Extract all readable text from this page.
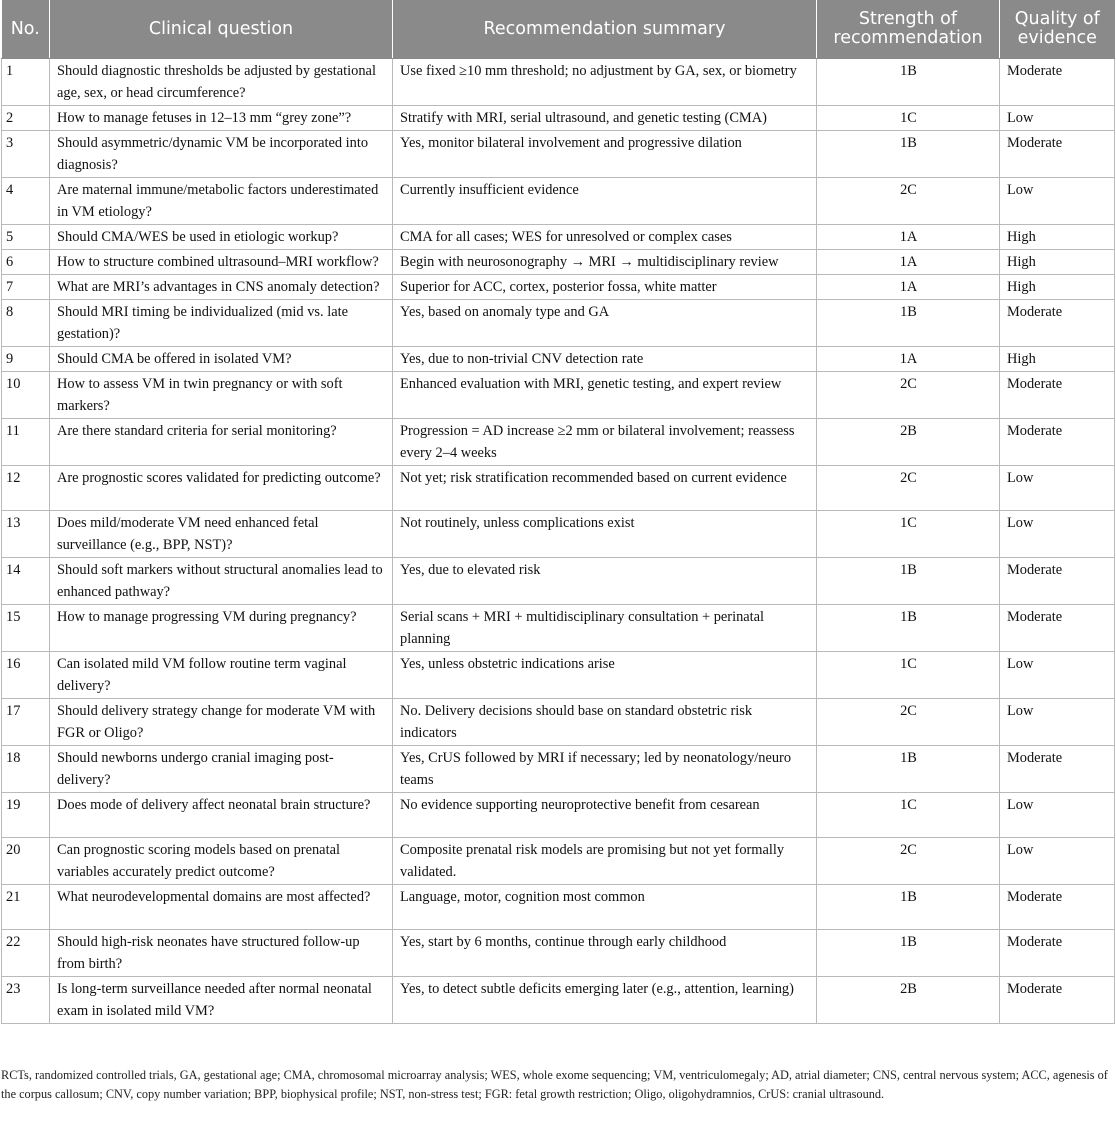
No.	Clinical question	Recommendation summary	Strength of recommendation	Quality of evidence
1	Should diagnostic thresholds be adjusted by gestational age, sex, or head circumference?	Use fixed ≥10 mm threshold; no adjustment by GA, sex, or biometry	1B	Moderate
2	How to manage fetuses in 12–13 mm “grey zone”?	Stratify with MRI, serial ultrasound, and genetic testing (CMA)	1C	Low
3	Should asymmetric/dynamic VM be incorporated into diagnosis?	Yes, monitor bilateral involvement and progressive dilation	1B	Moderate
4	Are maternal immune/metabolic factors underestimated in VM etiology?	Currently insufficient evidence	2C	Low
5	Should CMA/WES be used in etiologic workup?	CMA for all cases; WES for unresolved or complex cases	1A	High
6	How to structure combined ultrasound–MRI workflow?	Begin with neurosonography → MRI → multidisciplinary review	1A	High
7	What are MRI’s advantages in CNS anomaly detection?	Superior for ACC, cortex, posterior fossa, white matter	1A	High
8	Should MRI timing be individualized (mid vs. late gestation)?	Yes, based on anomaly type and GA	1B	Moderate
9	Should CMA be offered in isolated VM?	Yes, due to non-trivial CNV detection rate	1A	High
10	How to assess VM in twin pregnancy or with soft markers?	Enhanced evaluation with MRI, genetic testing, and expert review	2C	Moderate
11	Are there standard criteria for serial monitoring?	Progression = AD increase ≥2 mm or bilateral involvement; reassess every 2–4 weeks	2B	Moderate
12	Are prognostic scores validated for predicting outcome?	Not yet; risk stratification recommended based on current evidence	2C	Low
13	Does mild/moderate VM need enhanced fetal surveillance (e.g., BPP, NST)?	Not routinely, unless complications exist	1C	Low
14	Should soft markers without structural anomalies lead to enhanced pathway?	Yes, due to elevated risk	1B	Moderate
15	How to manage progressing VM during pregnancy?	Serial scans + MRI + multidisciplinary consultation + perinatal planning	1B	Moderate
16	Can isolated mild VM follow routine term vaginal delivery?	Yes, unless obstetric indications arise	1C	Low
17	Should delivery strategy change for moderate VM with FGR or Oligo?	No. Delivery decisions should base on standard obstetric risk indicators	2C	Low
18	Should newborns undergo cranial imaging post-delivery?	Yes, CrUS followed by MRI if necessary; led by neonatology/neuro teams	1B	Moderate
19	Does mode of delivery affect neonatal brain structure?	No evidence supporting neuroprotective benefit from cesarean	1C	Low
20	Can prognostic scoring models based on prenatal variables accurately predict outcome?	Composite prenatal risk models are promising but not yet formally validated.	2C	Low
21	What neurodevelopmental domains are most affected?	Language, motor, cognition most common	1B	Moderate
22	Should high-risk neonates have structured follow-up from birth?	Yes, start by 6 months, continue through early childhood	1B	Moderate
23	Is long-term surveillance needed after normal neonatal exam in isolated mild VM?	Yes, to detect subtle deficits emerging later (e.g., attention, learning)	2B	Moderate

RCTs, randomized controlled trials, GA, gestational age; CMA, chromosomal microarray analysis; WES, whole exome sequencing; VM, ventriculomegaly; AD, atrial diameter; CNS, central nervous system; ACC, agenesis of the corpus callosum; CNV, copy number variation; BPP, biophysical profile; NST, non-stress test; FGR: fetal growth restriction; Oligo, oligohydramnios, CrUS: cranial ultrasound.
